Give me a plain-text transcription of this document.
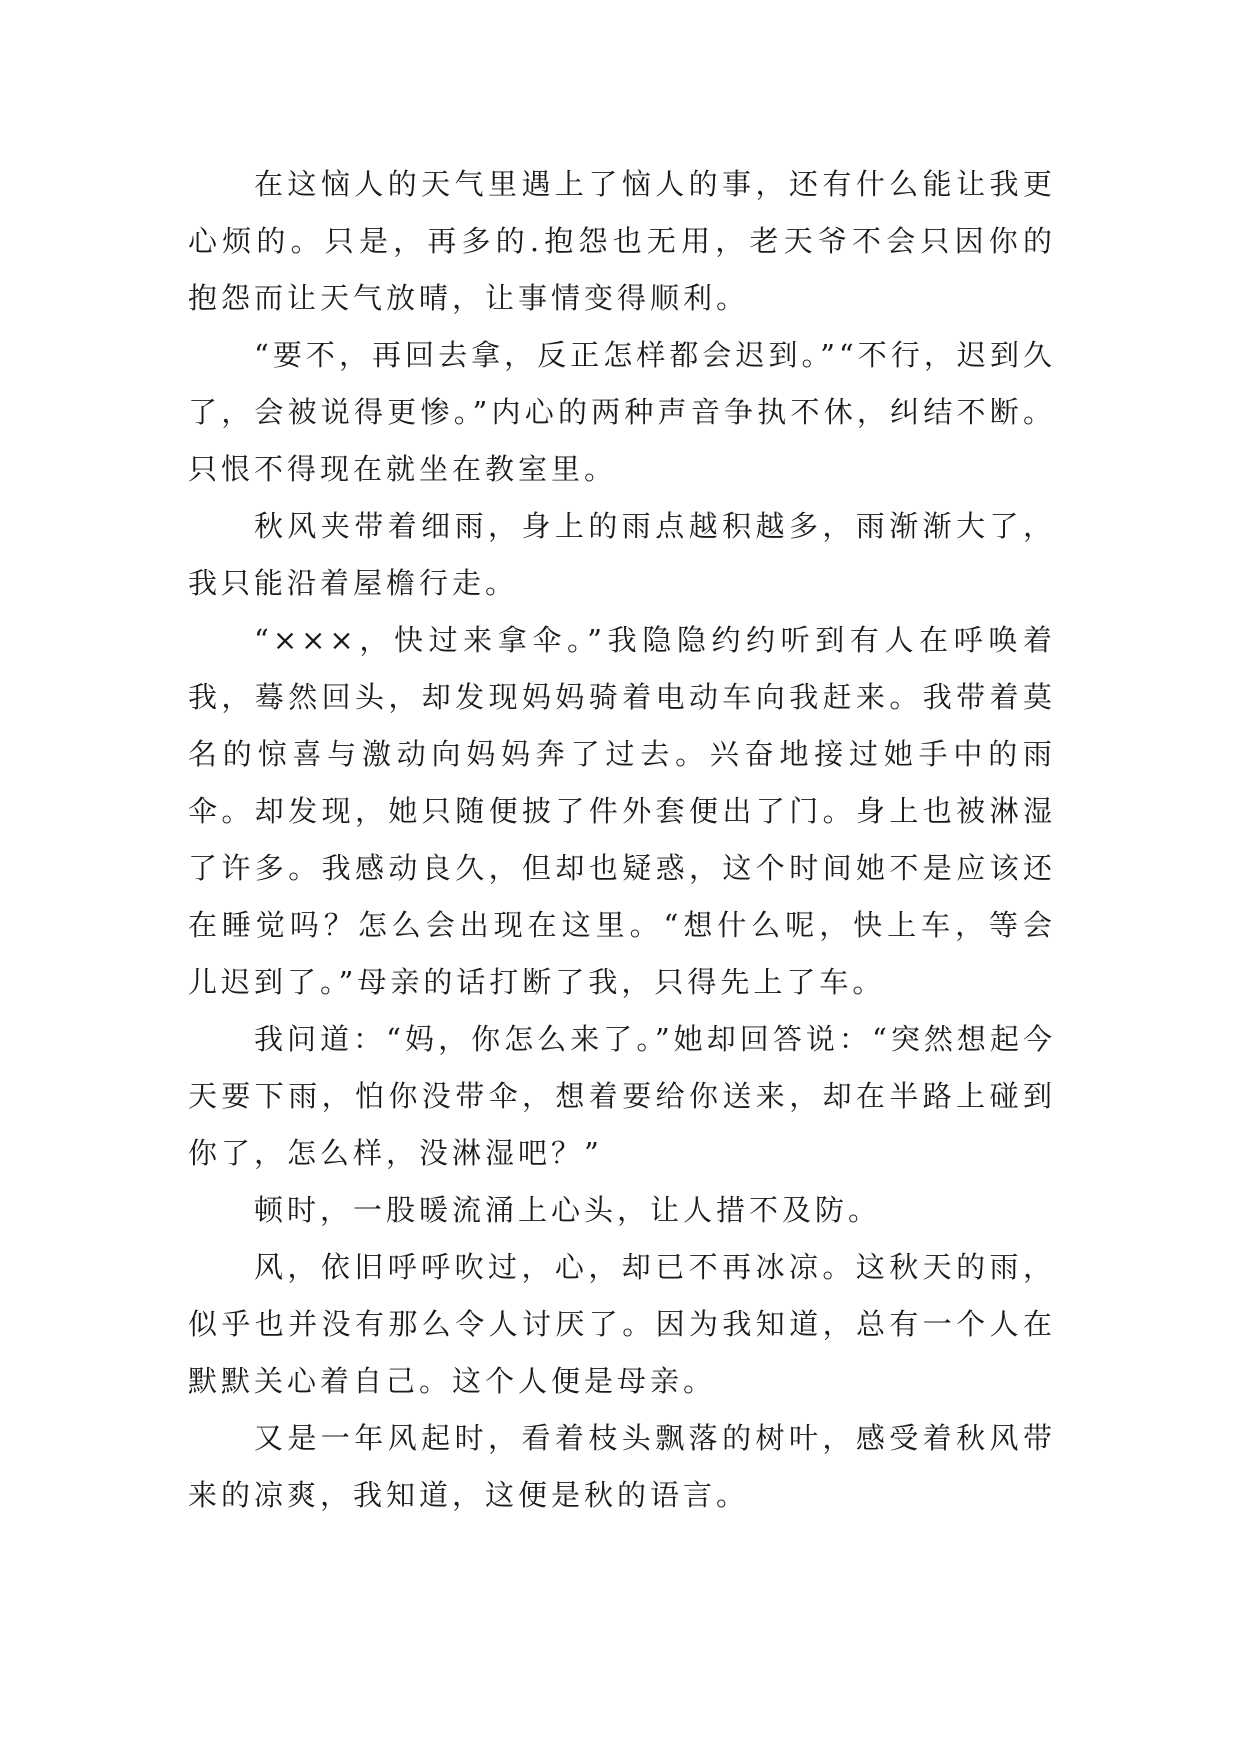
在这恼人的天气里遇上了恼人的事，还有什么能让我更心烦的。只是，再多的.抱怨也无用，老天爷不会只因你的抱怨而让天气放晴，让事情变得顺利。

“要不，再回去拿，反正怎样都会迟到。”“不行，迟到久了，会被说得更惨。”内心的两种声音争执不休，纠结不断。只恨不得现在就坐在教室里。

秋风夹带着细雨，身上的雨点越积越多，雨渐渐大了，我只能沿着屋檐行走。

“×××，快过来拿伞。”我隐隐约约听到有人在呼唤着我，蓦然回头，却发现妈妈骑着电动车向我赶来。我带着莫名的惊喜与激动向妈妈奔了过去。兴奋地接过她手中的雨伞。却发现，她只随便披了件外套便出了门。身上也被淋湿了许多。我感动良久，但却也疑惑，这个时间她不是应该还在睡觉吗？怎么会出现在这里。“想什么呢，快上车，等会儿迟到了。”母亲的话打断了我，只得先上了车。

我问道：“妈，你怎么来了。”她却回答说：“突然想起今天要下雨，怕你没带伞，想着要给你送来，却在半路上碰到你了，怎么样，没淋湿吧？”

顿时，一股暖流涌上心头，让人措不及防。

风，依旧呼呼吹过，心，却已不再冰凉。这秋天的雨，似乎也并没有那么令人讨厌了。因为我知道，总有一个人在默默关心着自己。这个人便是母亲。

又是一年风起时，看着枝头飘落的树叶，感受着秋风带来的凉爽，我知道，这便是秋的语言。
